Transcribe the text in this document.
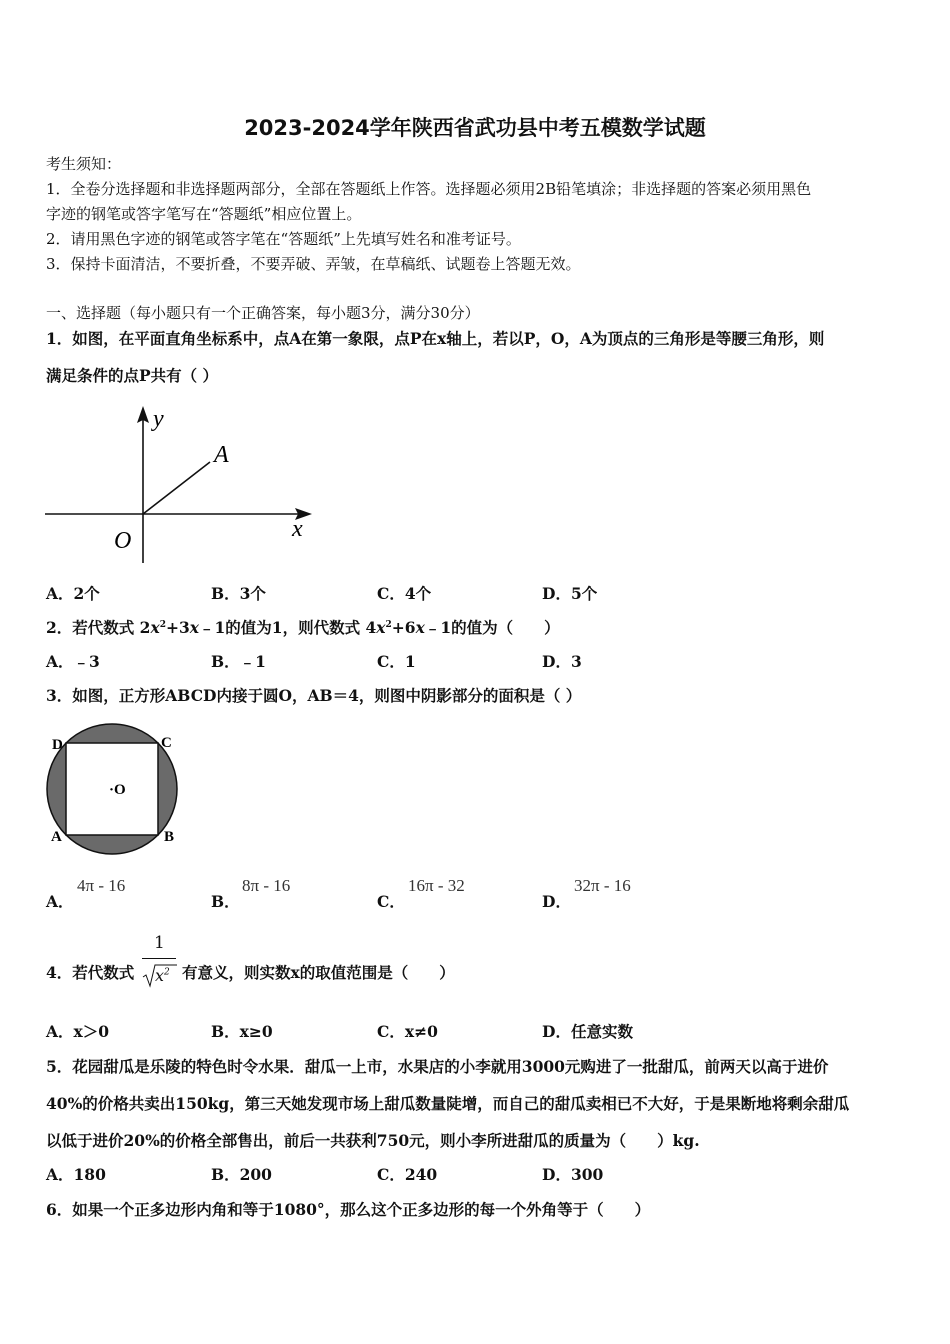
2023-2024学年陕西省武功县中考五模数学试题
考生须知：
1．全卷分选择题和非选择题两部分，全部在答题纸上作答。选择题必须用2B铅笔填涂；非选择题的答案必须用黑色
字迹的钢笔或答字笔写在“答题纸”相应位置上。
2．请用黑色字迹的钢笔或答字笔在“答题纸”上先填写姓名和准考证号。
3．保持卡面清洁，不要折叠，不要弄破、弄皱，在草稿纸、试题卷上答题无效。
一、选择题（每小题只有一个正确答案，每小题3分，满分30分）
1．如图，在平面直角坐标系中，点A在第一象限，点P在x轴上，若以P，O，A为顶点的三角形是等腰三角形，则
满足条件的点P共有（ ）
y
x
O
A
A．2个	B．3个	C．4个	D．5个
2．若代数式 $2x^2+3x﹣1$的值为1，则代数式 $4x^2+6x﹣1$的值为（　　）
A．﹣3	B．﹣1	C．1	D．3
3．如图，正方形ABCD内接于圆O，AB＝4，则图中阴影部分的面积是（ ）
D	C
A	B
·O
A．
4π - 16
B．
8π - 16
C．
16π - 32
D．
32π - 16
4．若代数式
1
$x^2$ 有意义，则实数x的取值范围是（　　）
A．x＞0	B．x≥0	C．x≠0	D．任意实数
5．花园甜瓜是乐陵的特色时令水果．甜瓜一上市，水果店的小李就用3000元购进了一批甜瓜，前两天以高于进价
40%的价格共卖出150kg，第三天她发现市场上甜瓜数量陡增，而自己的甜瓜卖相已不大好，于是果断地将剩余甜瓜
以低于进价20%的价格全部售出，前后一共获利750元，则小李所进甜瓜的质量为（　　）kg.
A．180	B．200	C．240	D．300
6．如果一个正多边形内角和等于1080°，那么这个正多边形的每一个外角等于（　　）
